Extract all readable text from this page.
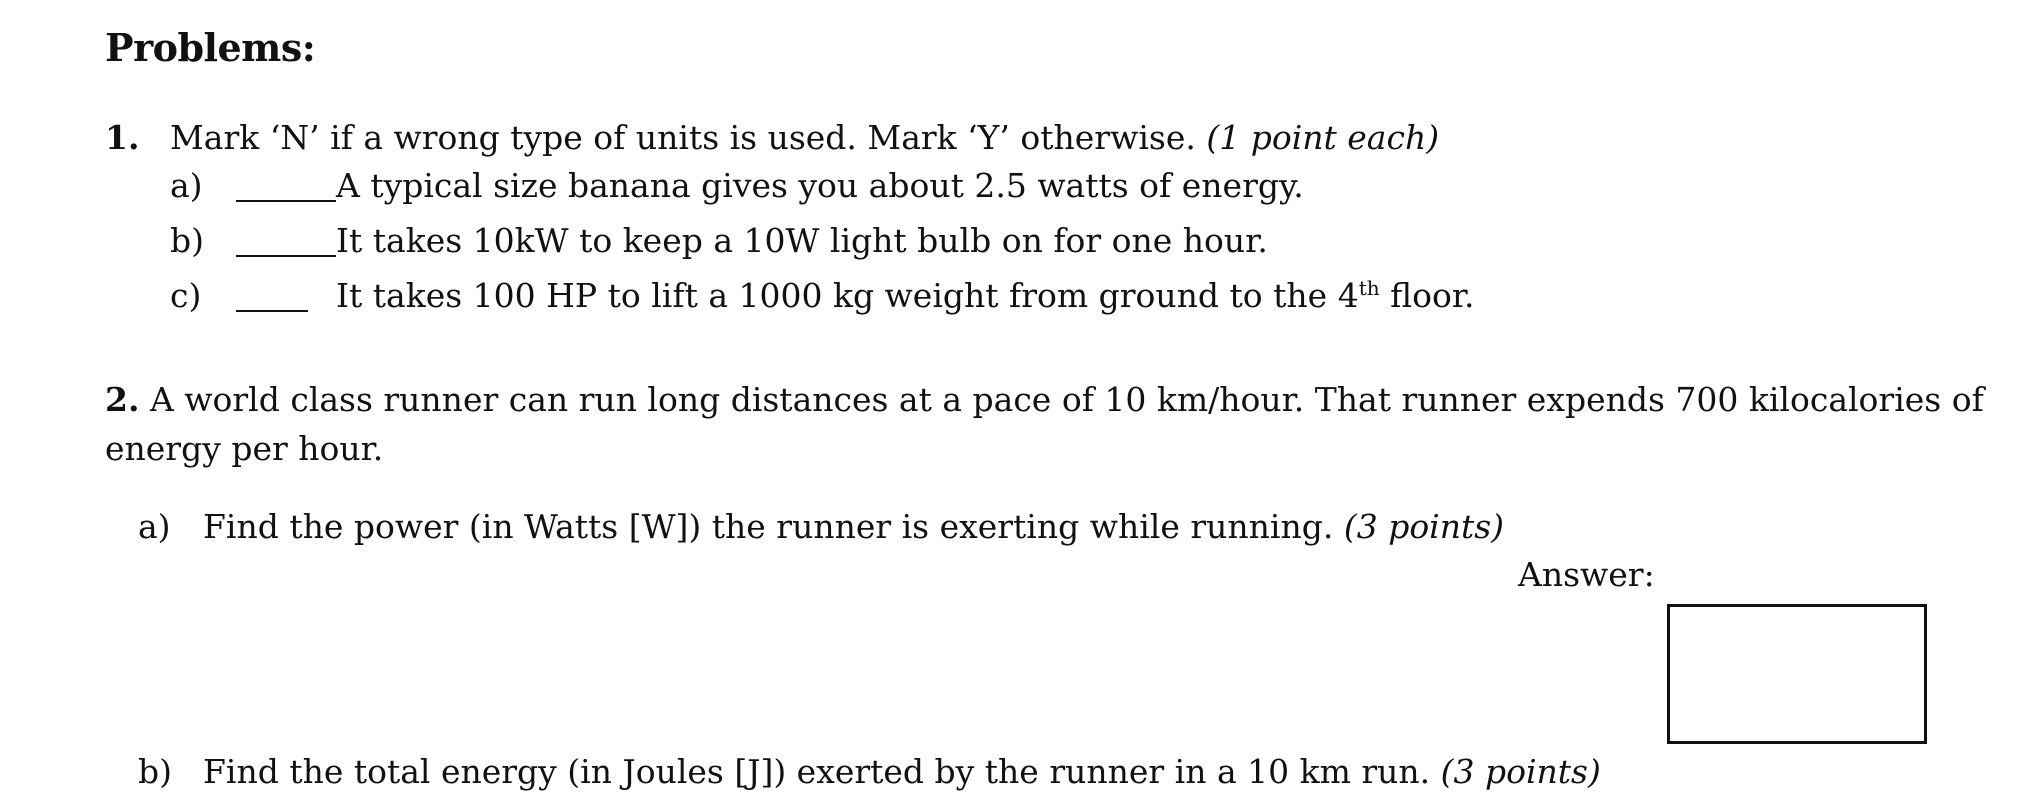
Problems:
1. Mark ‘N’ if a wrong type of units is used. Mark ‘Y’ otherwise. (1 point each)
a)	A typical size banana gives you about 2.5 watts of energy.
b)	It takes 10kW to keep a 10W light bulb on for one hour.
c)	It takes 100 HP to lift a 1000 kg weight from ground to the 4th floor.
2. A world class runner can run long distances at a pace of 10 km/hour. That runner expends 700 kilocalories of
energy per hour.
a) Find the power (in Watts [W]) the runner is exerting while running. (3 points)
Answer:
b) Find the total energy (in Joules [J]) exerted by the runner in a 10 km run. (3 points)
